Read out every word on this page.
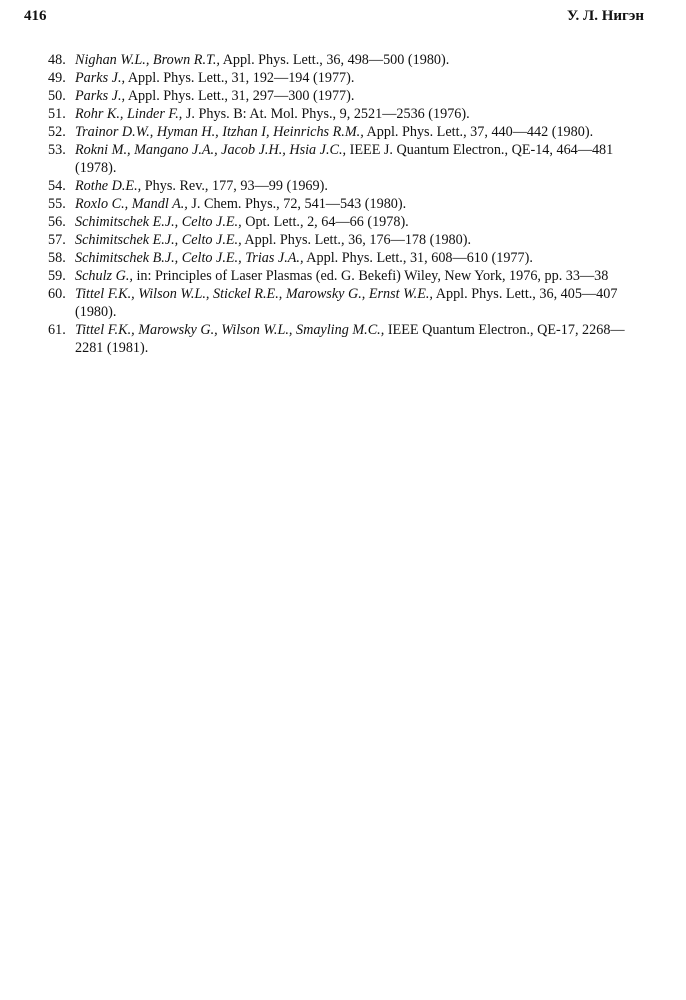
416	У. Л. Нигэн
48. Nighan W.L., Brown R.T., Appl. Phys. Lett., 36, 498—500 (1980).
49. Parks J., Appl. Phys. Lett., 31, 192—194 (1977).
50. Parks J., Appl. Phys. Lett., 31, 297—300 (1977).
51. Rohr K., Linder F., J. Phys. B: At. Mol. Phys., 9, 2521—2536 (1976).
52. Trainor D.W., Hyman H., Itzhan I, Heinrichs R.M., Appl. Phys. Lett., 37, 440—442 (1980).
53. Rokni M., Mangano J.A., Jacob J.H., Hsia J.C., IEEE J. Quantum Electron., QE-14, 464—481 (1978).
54. Rothe D.E., Phys. Rev., 177, 93—99 (1969).
55. Roxlo C., Mandl A., J. Chem. Phys., 72, 541—543 (1980).
56. Schimitschek E.J., Celto J.E., Opt. Lett., 2, 64—66 (1978).
57. Schimitschek E.J., Celto J.E., Appl. Phys. Lett., 36, 176—178 (1980).
58. Schimitschek B.J., Celto J.E., Trias J.A., Appl. Phys. Lett., 31, 608—610 (1977).
59. Schulz G., in: Principles of Laser Plasmas (ed. G. Bekefi) Wiley, New York, 1976, pp. 33—38
60. Tittel F.K., Wilson W.L., Stickel R.E., Marowsky G., Ernst W.E., Appl. Phys. Lett., 36, 405—407 (1980).
61. Tittel F.K., Marowsky G., Wilson W.L., Smayling M.C., IEEE Quantum Electron., QE-17, 2268—2281 (1981).
